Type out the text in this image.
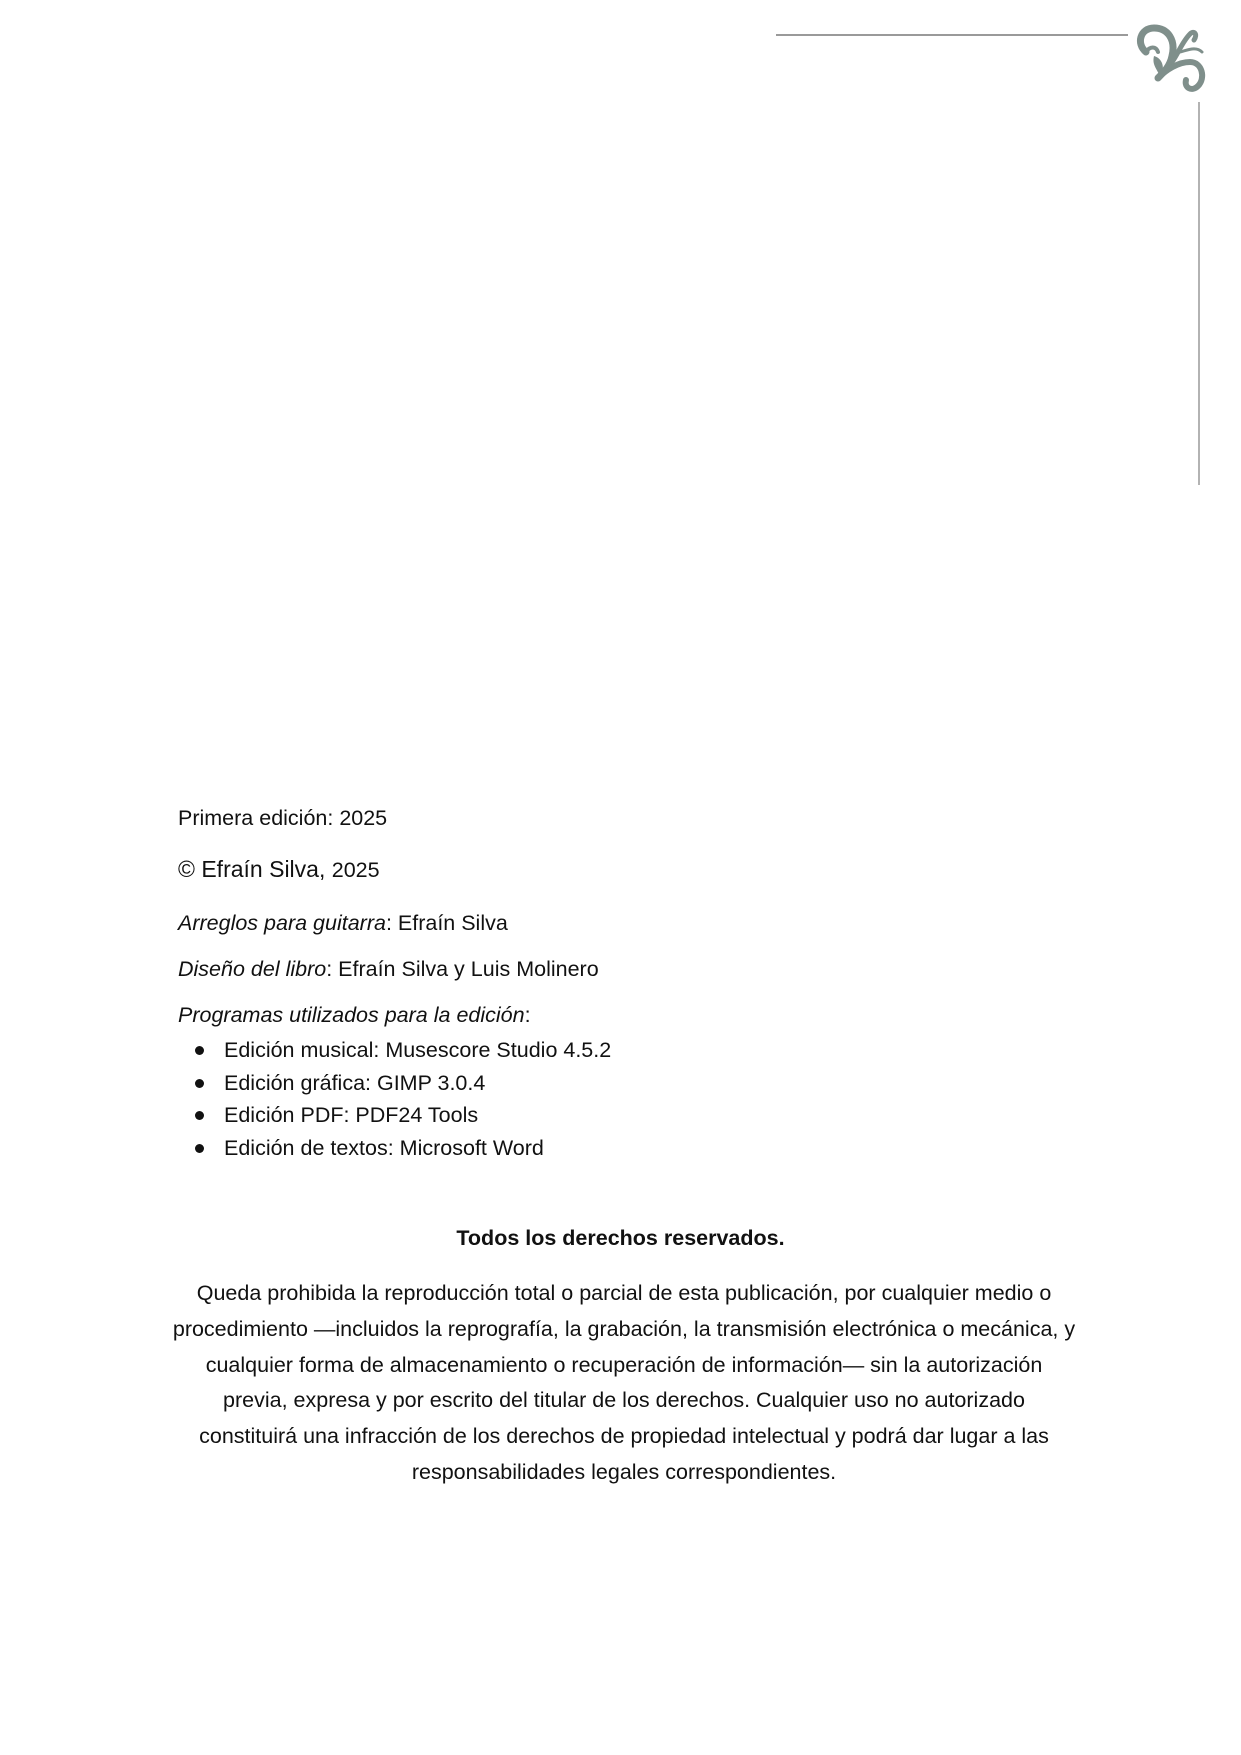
Primera edición: 2025
© Efraín Silva, 2025
Arreglos para guitarra: Efraín Silva
Diseño del libro: Efraín Silva y Luis Molinero
Programas utilizados para la edición:
Edición musical: Musescore Studio 4.5.2
Edición gráfica: GIMP 3.0.4
Edición PDF: PDF24 Tools
Edición de textos: Microsoft Word
Todos los derechos reservados.

Queda prohibida la reproducción total o parcial de esta publicación, por cualquier medio o procedimiento —incluidos la reprografía, la grabación, la transmisión electrónica o mecánica, y cualquier forma de almacenamiento o recuperación de información— sin la autorización previa, expresa y por escrito del titular de los derechos. Cualquier uso no autorizado constituirá una infracción de los derechos de propiedad intelectual y podrá dar lugar a las responsabilidades legales correspondientes.
